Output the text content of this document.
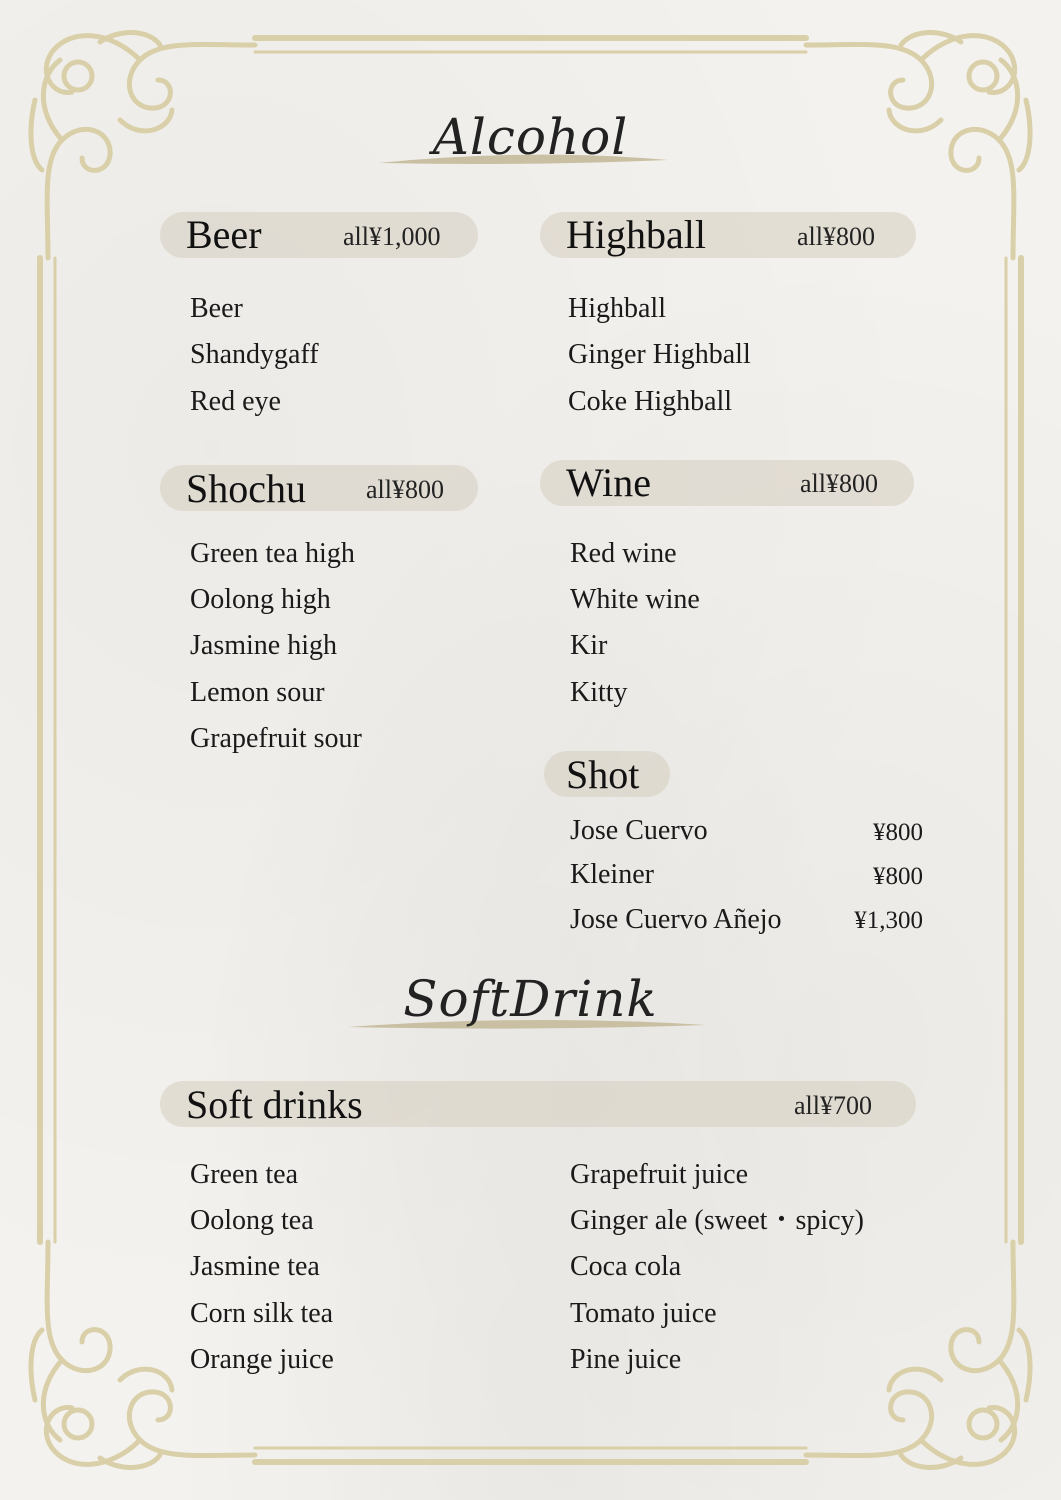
Alcohol
Beer	all¥1,000
Beer
Shandygaff
Red eye
Highball	all¥800
Highball
Ginger Highball
Coke Highball
Shochu all¥800
Green tea high
Oolong high
Jasmine high
Lemon sour
Grapefruit sour
Wine	all¥800
Red wine
White wine
Kir
Kitty
Shot
Jose Cuervo	¥800
Kleiner	¥800
Jose Cuervo Añejo	¥1,300
SoftDrink
Soft drinks	all¥700
Green tea
Oolong tea
Jasmine tea
Corn silk tea
Orange juice
Grapefruit juice
Ginger ale (sweet・spicy)
Coca cola
Tomato juice
Pine juice
